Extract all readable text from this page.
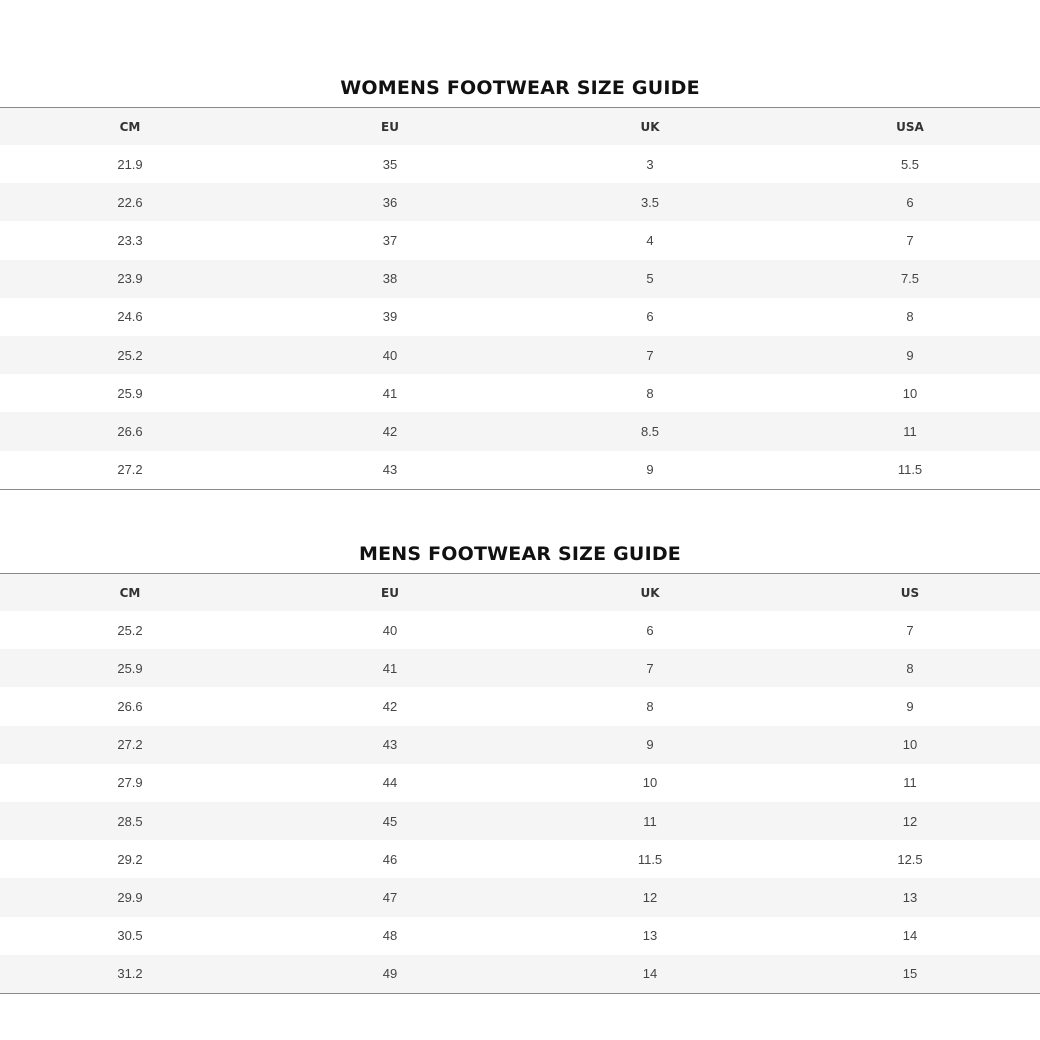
WOMENS FOOTWEAR SIZE GUIDE
CM	EU	UK	USA
21.9	35	3	5.5
22.6	36	3.5	6
23.3	37	4	7
23.9	38	5	7.5
24.6	39	6	8
25.2	40	7	9
25.9	41	8	10
26.6	42	8.5	11
27.2	43	9	11.5
MENS FOOTWEAR SIZE GUIDE
CM	EU	UK	US
25.2	40	6	7
25.9	41	7	8
26.6	42	8	9
27.2	43	9	10
27.9	44	10	11
28.5	45	11	12
29.2	46	11.5	12.5
29.9	47	12	13
30.5	48	13	14
31.2	49	14	15
